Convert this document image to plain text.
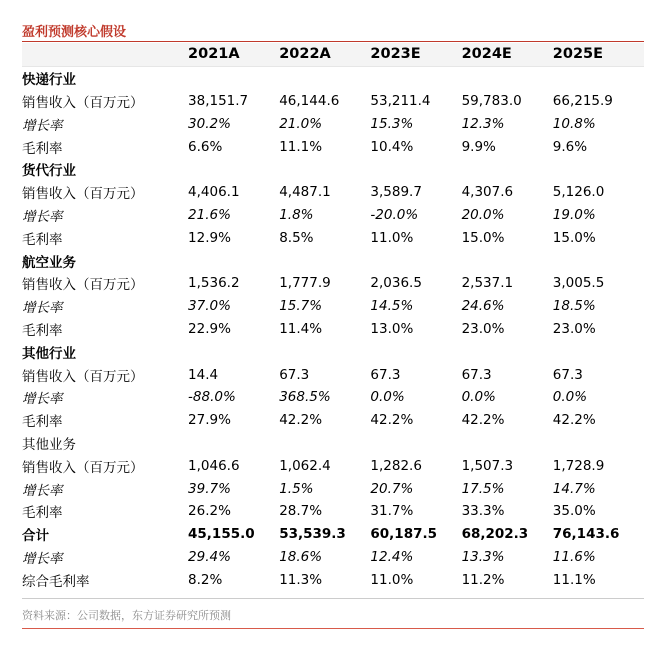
盈利预测核心假设
	2021A	2022A	2023E	2024E	2025E
快递行业					
销售收入（百万元）	38,151.7	46,144.6	53,211.4	59,783.0	66,215.9
增长率	30.2%	21.0%	15.3%	12.3%	10.8%
毛利率	6.6%	11.1%	10.4%	9.9%	9.6%
货代行业					
销售收入（百万元）	4,406.1	4,487.1	3,589.7	4,307.6	5,126.0
增长率	21.6%	1.8%	-20.0%	20.0%	19.0%
毛利率	12.9%	8.5%	11.0%	15.0%	15.0%
航空业务					
销售收入（百万元）	1,536.2	1,777.9	2,036.5	2,537.1	3,005.5
增长率	37.0%	15.7%	14.5%	24.6%	18.5%
毛利率	22.9%	11.4%	13.0%	23.0%	23.0%
其他行业					
销售收入（百万元）	14.4	67.3	67.3	67.3	67.3
增长率	-88.0%	368.5%	0.0%	0.0%	0.0%
毛利率	27.9%	42.2%	42.2%	42.2%	42.2%
其他业务					
销售收入（百万元）	1,046.6	1,062.4	1,282.6	1,507.3	1,728.9
增长率	39.7%	1.5%	20.7%	17.5%	14.7%
毛利率	26.2%	28.7%	31.7%	33.3%	35.0%
合计	45,155.0	53,539.3	60,187.5	68,202.3	76,143.6
增长率	29.4%	18.6%	12.4%	13.3%	11.6%
综合毛利率	8.2%	11.3%	11.0%	11.2%	11.1%
资料来源：公司数据，东方证券研究所预测
